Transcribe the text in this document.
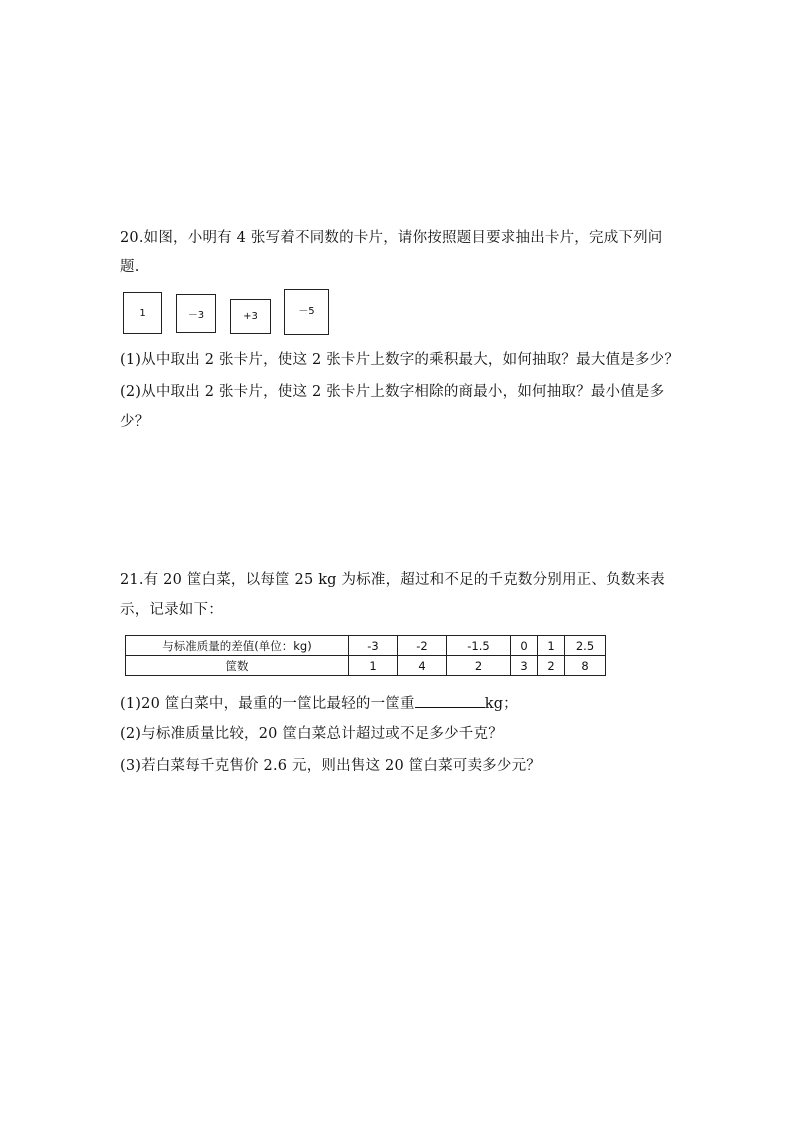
20.如图，小明有 4 张写着不同数的卡片，请你按照题目要求抽出卡片，完成下列问
题.
1	－3	+3	－5
(1)从中取出 2 张卡片，使这 2 张卡片上数字的乘积最大，如何抽取？最大值是多少？
(2)从中取出 2 张卡片，使这 2 张卡片上数字相除的商最小，如何抽取？最小值是多
少？
21.有 20 筐白菜，以每筐 25 kg 为标准，超过和不足的千克数分别用正、负数来表
示，记录如下：
与标准质量的差值(单位：kg)	-3	-2	-1.5	0	1	2.5
筐数	1	4	2	3	2	8
(1)20 筐白菜中，最重的一筐比最轻的一筐重	kg；
(2)与标准质量比较，20 筐白菜总计超过或不足多少千克？
(3)若白菜每千克售价 2.6 元，则出售这 20 筐白菜可卖多少元？
